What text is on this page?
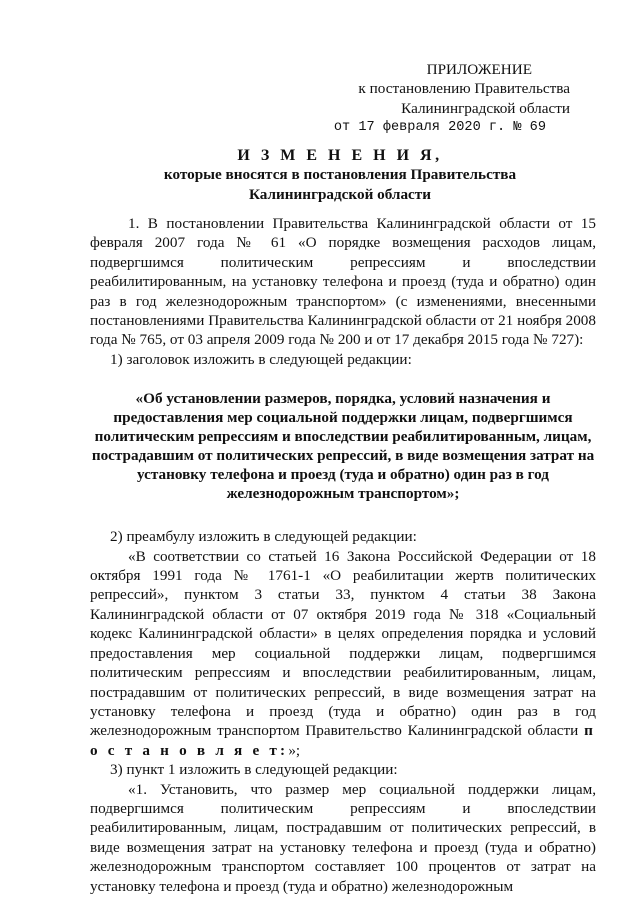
ПРИЛОЖЕНИЕ
к постановлению Правительства
Калининградской области
от 17 февраля 2020 г. № 69
И З М Е Н Е Н И Я,
которые вносятся в постановления Правительства
Калининградской области
1. В постановлении Правительства Калининградской области от 15 февраля 2007 года № 61 «О порядке возмещения расходов лицам, подвергшимся политическим репрессиям и впоследствии реабилитированным, на установку телефона и проезд (туда и обратно) один раз в год железнодорожным транспортом» (с изменениями, внесенными постановлениями Правительства Калининградской области от 21 ноября 2008 года № 765, от 03 апреля 2009 года № 200 и от 17 декабря 2015 года № 727):
1) заголовок изложить в следующей редакции:
«Об установлении размеров, порядка, условий назначения и предоставления мер социальной поддержки лицам, подвергшимся политическим репрессиям и впоследствии реабилитированным, лицам, пострадавшим от политических репрессий, в виде возмещения затрат на установку телефона и проезд (туда и обратно) один раз в год железнодорожным транспортом»;
2) преамбулу изложить в следующей редакции:
«В соответствии со статьей 16 Закона Российской Федерации от 18 октября 1991 года № 1761-1 «О реабилитации жертв политических репрессий», пунктом 3 статьи 33, пунктом 4 статьи 38 Закона Калининградской области от 07 октября 2019 года № 318 «Социальный кодекс Калининградской области» в целях определения порядка и условий предоставления мер социальной поддержки лицам, подвергшимся политическим репрессиям и впоследствии реабилитированным, лицам, пострадавшим от политических репрессий, в виде возмещения затрат на установку телефона и проезд (туда и обратно) один раз в год железнодорожным транспортом Правительство Калининградской области п о с т а н о в л я е т:»;
3) пункт 1 изложить в следующей редакции:
«1. Установить, что размер мер социальной поддержки лицам, подвергшимся политическим репрессиям и впоследствии реабилитированным, лицам, пострадавшим от политических репрессий, в виде возмещения затрат на установку телефона и проезд (туда и обратно) железнодорожным транспортом составляет 100 процентов от затрат на установку телефона и проезд (туда и обратно) железнодорожным
